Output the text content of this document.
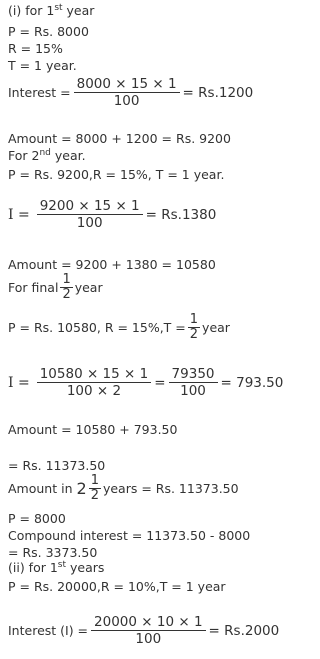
(i) for 1st year
P = Rs. 8000
R = 15%
T = 1 year.
Interest = $\frac{8000 \times 15 \times 1}{100} = Rs.1200$
Amount = 8000 + 1200 = Rs. 9200
For 2nd year.
P = Rs. 9200,R = 15%, T = 1 year.
$I = \frac{9200 \times 15 \times 1}{100} = Rs.1380$
Amount = 9200 + 1380 = 10580
For final $\frac{1}{2}$ year
P = Rs. 10580, $R = 15\%,T = \frac{1}{2}$ year
$I = \frac{10580 \times 15 \times 1}{100 \times 2} = \frac{79350}{100} = 793.50$
Amount = 10580 + 793.50
= Rs. 11373.50
Amount in $2 \frac{1}{2}$ years = Rs. 11373.50
P = 8000
Compound interest = 11373.50 - 8000
= Rs. 3373.50
(ii) for 1st years
P = Rs. 20000,R = 10%,T = 1 year
Interest $(I) = \frac{20000 \times 10 \times 1}{100} = Rs.2000$
